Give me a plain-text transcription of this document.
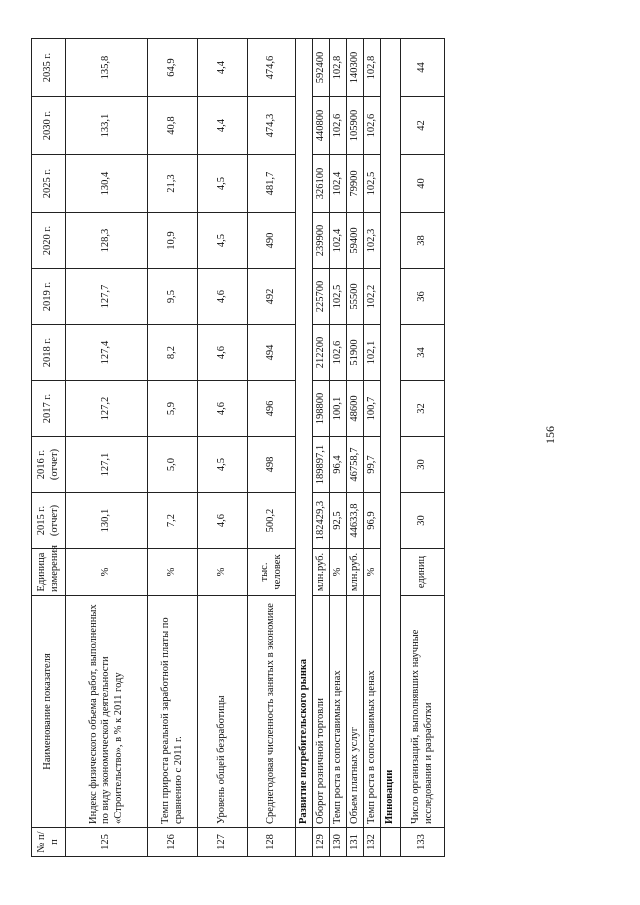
156
№ п/п	Наименование показателя	Единица измерения	2015 г. (отчет)	2016 г. (отчет)	2017 г.	2018 г.	2019 г.	2020 г.	2025 г.	2030 г.	2035 г.
125	Индекс физического объема работ, выполненных по виду экономической деятельности «Строительство», в % к 2011 году	%	130,1	127,1	127,2	127,4	127,7	128,3	130,4	133,1	135,8
126	Темп прироста реальной заработной платы по сравнению с 2011 г.	%	7,2	5,0	5,9	8,2	9,5	10,9	21,3	40,8	64,9
127	Уровень общей безработицы	%	4,6	4,5	4,6	4,6	4,6	4,5	4,5	4,4	4,4
128	Среднегодовая численность занятых в экономике	тыс. человек	500,2	498	496	494	492	490	481,7	474,3	474,6
	Развитие потребительского рынка										
129	Оборот розничной торговли	млн.руб.	182429,3	189897,1	198800	212200	225700	239900	326100	440800	592400
130	Темп роста в сопоставимых ценах	%	92,5	96,4	100,1	102,6	102,5	102,4	102,4	102,6	102,8
131	Объем платных услуг	млн.руб.	44633,8	46758,7	48600	51900	55500	59400	79900	105900	140300
132	Темп роста в сопоставимых ценах	%	96,9	99,7	100,7	102,1	102,2	102,3	102,5	102,6	102,8
	Инновации										
133	Число организаций, выполнявших научные исследования и разработки	единиц	30	30	32	34	36	38	40	42	44
